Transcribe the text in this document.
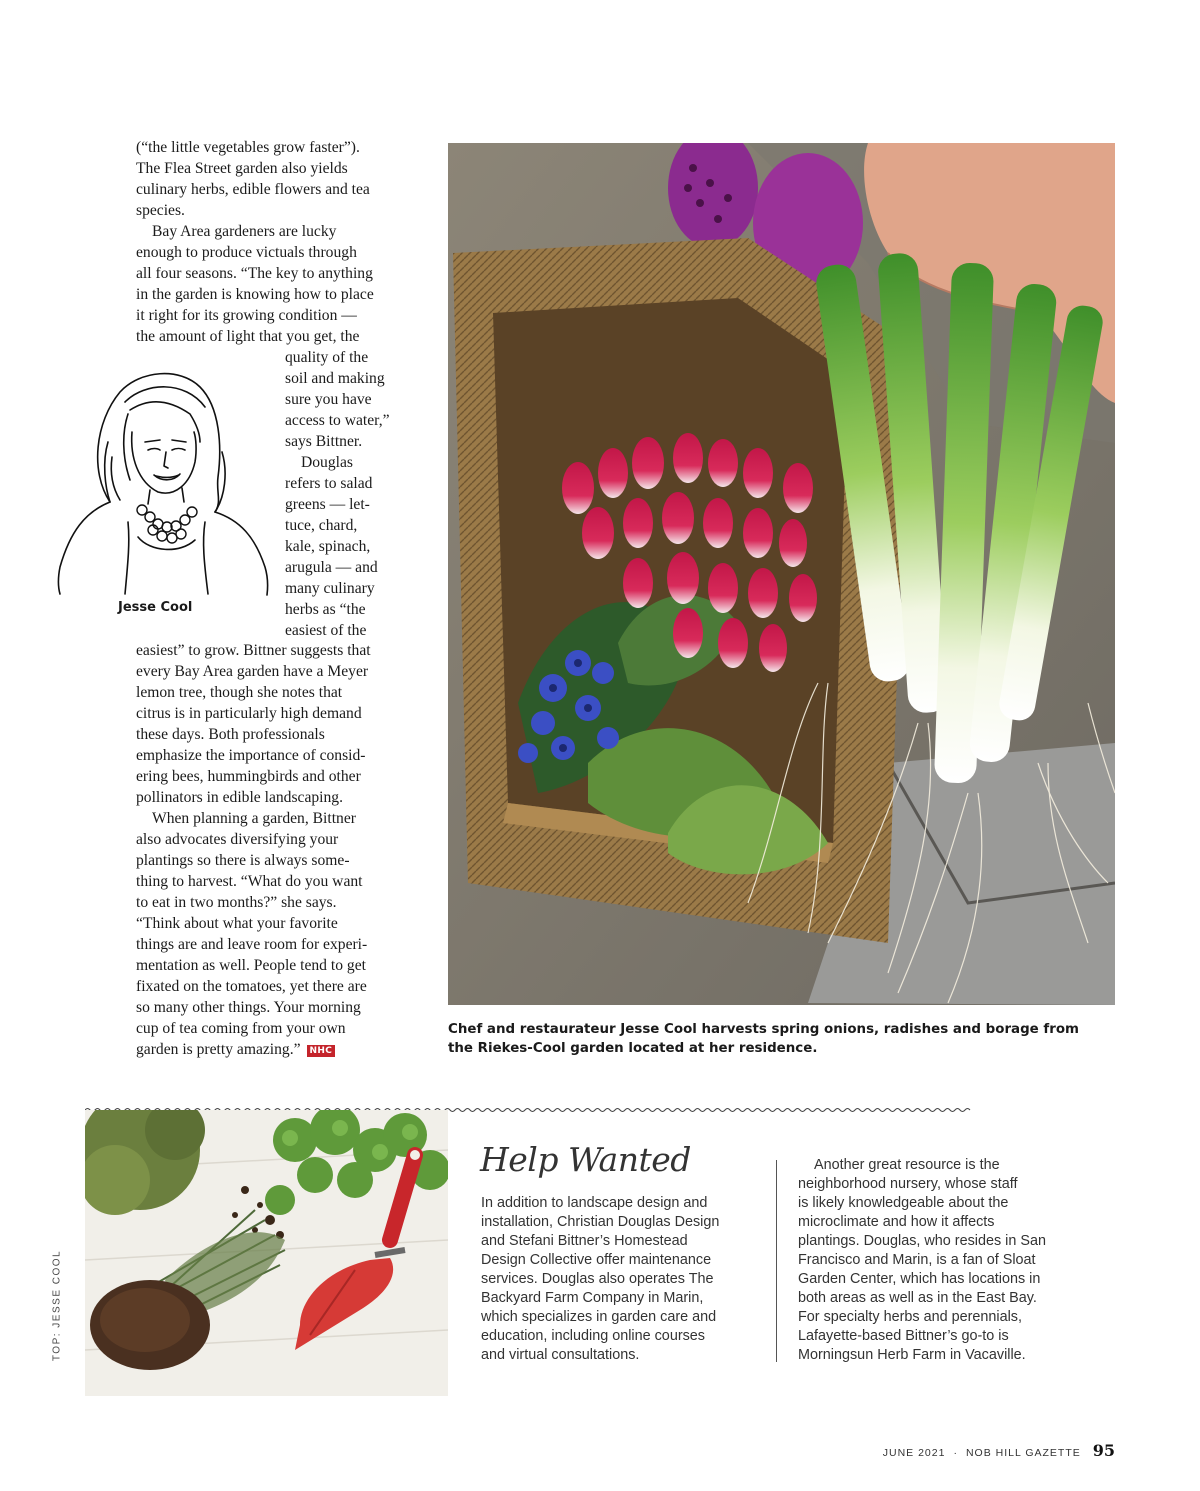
(“the little vegetables grow faster”).
The Flea Street garden also yields
culinary herbs, edible flowers and tea
species.
Bay Area gardeners are lucky
enough to produce victuals through
all four seasons. “The key to anything
in the garden is knowing how to place
it right for its growing condition —
the amount of light that you get, the
quality of the
soil and making
sure you have
access to water,”
says Bittner.
Douglas
refers to salad
greens — let-
tuce, chard,
kale, spinach,
arugula — and
many culinary
herbs as “the
easiest of the
easiest” to grow. Bittner suggests that
every Bay Area garden have a Meyer
lemon tree, though she notes that
citrus is in particularly high demand
these days. Both professionals
emphasize the importance of consid-
ering bees, hummingbirds and other
pollinators in edible landscaping.
When planning a garden, Bittner
also advocates diversifying your
plantings so there is always some-
thing to harvest. “What do you want
to eat in two months?” she says.
“Think about what your favorite
things are and leave room for experi-
mentation as well. People tend to get
fixated on the tomatoes, yet there are
so many other things. Your morning
cup of tea coming from your own
garden is pretty amazing.” NHC
Jesse Cool
Chef and restaurateur Jesse Cool harvests spring onions, radishes and borage from the Riekes-Cool garden located at her residence.
TOP: JESSE COOL
Help Wanted
In addition to landscape design and
installation, Christian Douglas Design
and Stefani Bittner’s Homestead
Design Collective offer maintenance
services. Douglas also operates The
Backyard Farm Company in Marin,
which specializes in garden care and
education, including online courses
and virtual consultations.
Another great resource is the
neighborhood nursery, whose staff
is likely knowledgeable about the
microclimate and how it affects
plantings. Douglas, who resides in San
Francisco and Marin, is a fan of Sloat
Garden Center, which has locations in
both areas as well as in the East Bay.
For specialty herbs and perennials,
Lafayette-based Bittner’s go-to is
Morningsun Herb Farm in Vacaville.
JUNE 2021 · NOB HILL GAZETTE 95
